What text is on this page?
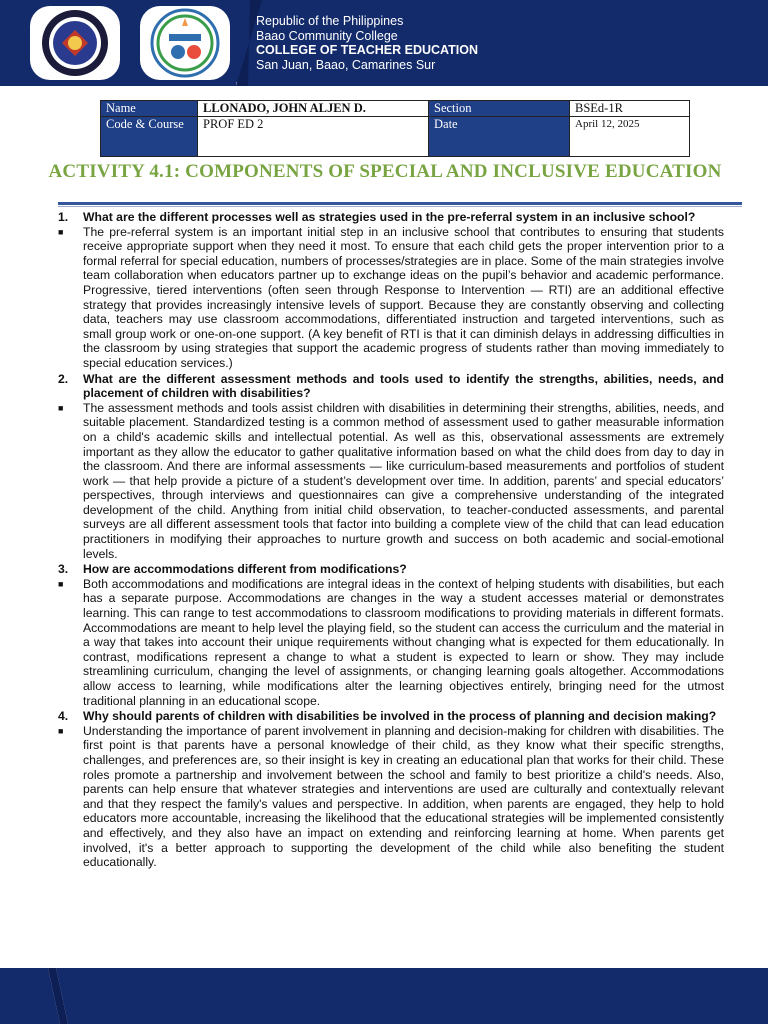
Republic of the Philippines
Baao Community College
COLLEGE OF TEACHER EDUCATION
San Juan, Baao, Camarines Sur
Name	LLONADO, JOHN ALJEN D.	Section	BSEd-1R
Code & Course	PROF ED 2	Date	April 12, 2025
ACTIVITY 4.1: COMPONENTS OF SPECIAL AND INCLUSIVE EDUCATION
1.	What are the different processes well as strategies used in the pre-referral system in an inclusive school?
■	The pre-referral system is an important initial step in an inclusive school that contributes to ensuring that students receive appropriate support when they need it most. To ensure that each child gets the proper intervention prior to a formal referral for special education, numbers of processes/strategies are in place. Some of the main strategies involve team collaboration when educators partner up to exchange ideas on the pupil’s behavior and academic performance. Progressive, tiered interventions (often seen through Response to Intervention — RTI) are an additional effective strategy that provides increasingly intensive levels of support. Because they are constantly observing and collecting data, teachers may use classroom accommodations, differentiated instruction and targeted interventions, such as small group work or one-on-one support. (A key benefit of RTI is that it can diminish delays in addressing difficulties in the classroom by using strategies that support the academic progress of students rather than moving immediately to special education services.)
2.	What are the different assessment methods and tools used to identify the strengths, abilities, needs, and placement of children with disabilities?
■	The assessment methods and tools assist children with disabilities in determining their strengths, abilities, needs, and suitable placement. Standardized testing is a common method of assessment used to gather measurable information on a child's academic skills and intellectual potential. As well as this, observational assessments are extremely important as they allow the educator to gather qualitative information based on what the child does from day to day in the classroom. And there are informal assessments — like curriculum-based measurements and portfolios of student work — that help provide a picture of a student’s development over time. In addition, parents’ and special educators’ perspectives, through interviews and questionnaires can give a comprehensive understanding of the integrated development of the child. Anything from initial child observation, to teacher-conducted assessments, and parental surveys are all different assessment tools that factor into building a complete view of the child that can lead education practitioners in modifying their approaches to nurture growth and success on both academic and social-emotional levels.
3.	How are accommodations different from modifications?
■	Both accommodations and modifications are integral ideas in the context of helping students with disabilities, but each has a separate purpose. Accommodations are changes in the way a student accesses material or demonstrates learning. This can range to test accommodations to classroom modifications to providing materials in different formats. Accommodations are meant to help level the playing field, so the student can access the curriculum and the material in a way that takes into account their unique requirements without changing what is expected for them educationally. In contrast, modifications represent a change to what a student is expected to learn or show. They may include streamlining curriculum, changing the level of assignments, or changing learning goals altogether. Accommodations allow access to learning, while modifications alter the learning objectives entirely, bringing need for the utmost traditional planning in an educational scope.
4.	Why should parents of children with disabilities be involved in the process of planning and decision making?
■	Understanding the importance of parent involvement in planning and decision-making for children with disabilities. The first point is that parents have a personal knowledge of their child, as they know what their specific strengths, challenges, and preferences are, so their insight is key in creating an educational plan that works for their child. These roles promote a partnership and involvement between the school and family to best prioritize a child's needs. Also, parents can help ensure that whatever strategies and interventions are used are culturally and contextually relevant and that they respect the family's values and perspective. In addition, when parents are engaged, they help to hold educators more accountable, increasing the likelihood that the educational strategies will be implemented consistently and effectively, and they also have an impact on extending and reinforcing learning at home. When parents get involved, it's a better approach to supporting the development of the child while also benefiting the student educationally.
